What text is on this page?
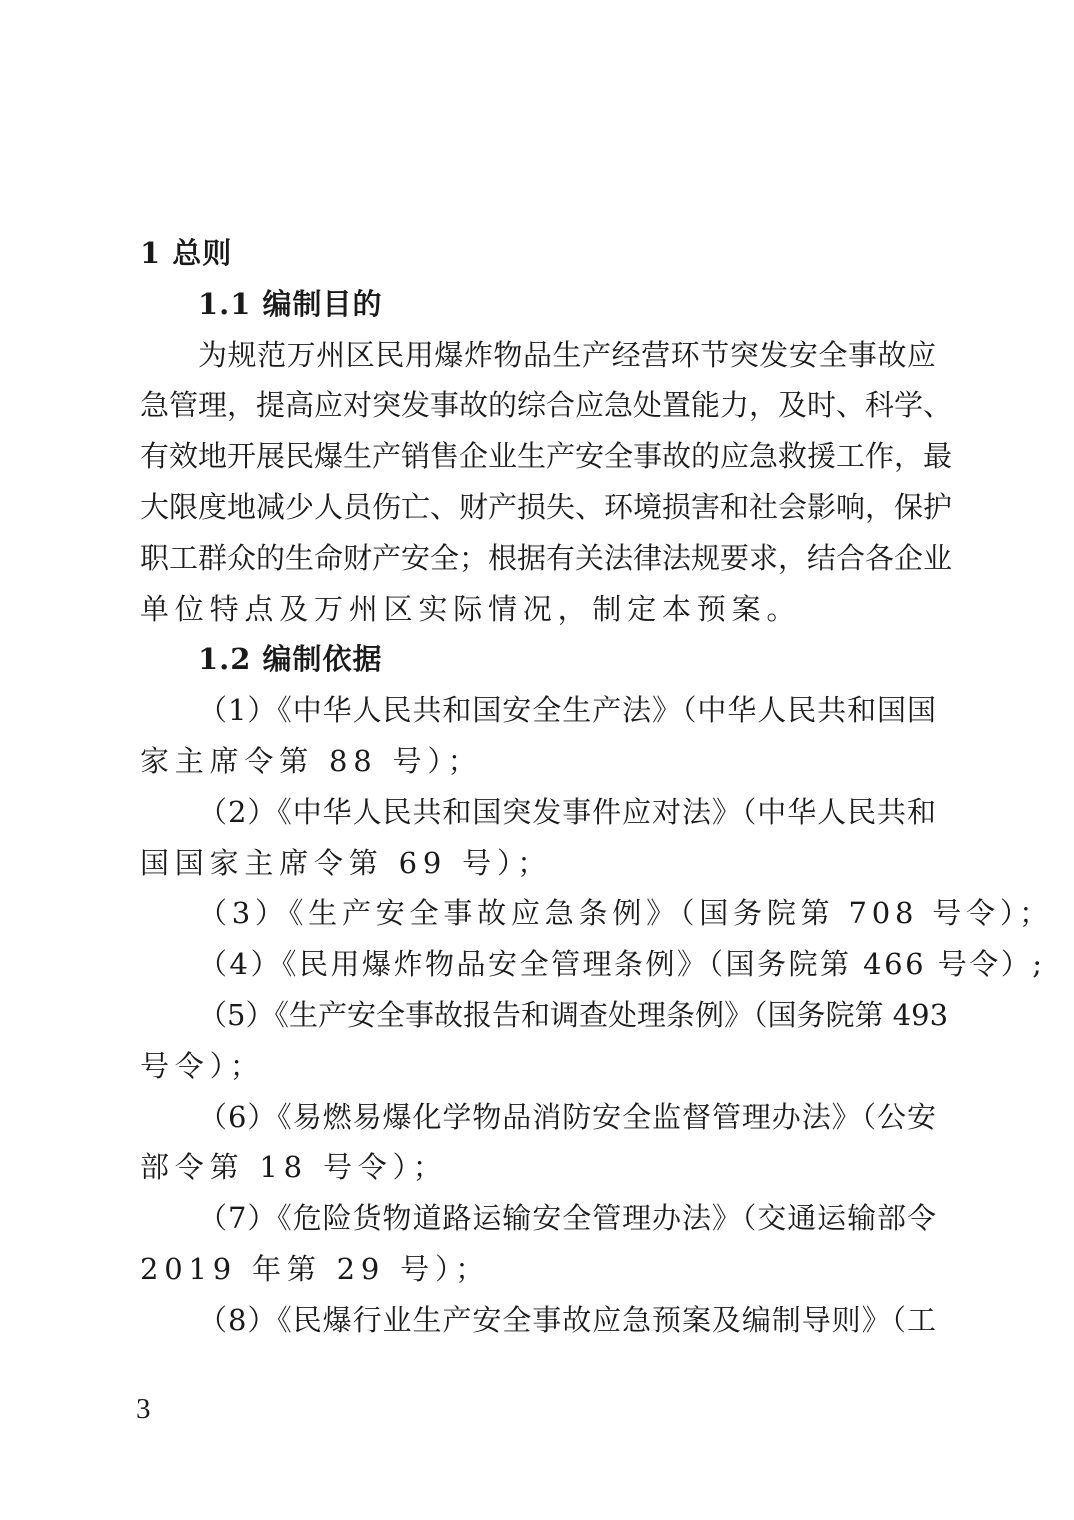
1 总则
1.1 编制目的
为规范万州区民用爆炸物品生产经营环节突发安全事故应
急管理，提高应对突发事故的综合应急处置能力，及时、科学、
有效地开展民爆生产销售企业生产安全事故的应急救援工作，最
大限度地减少人员伤亡、财产损失、环境损害和社会影响，保护
职工群众的生命财产安全；根据有关法律法规要求，结合各企业
单位特点及万州区实际情况，制定本预案。
1.2 编制依据
（1）《中华人民共和国安全生产法》（中华人民共和国国
家主席令第 88 号）；
（2）《中华人民共和国突发事件应对法》（中华人民共和
国国家主席令第 69 号）；
（3）《生产安全事故应急条例》（国务院第 708 号令）；
（4）《民用爆炸物品安全管理条例》（国务院第 466 号令）;
（5）《生产安全事故报告和调查处理条例》（国务院第 493
号令）；
（6）《易燃易爆化学物品消防安全监督管理办法》（公安
部令第 18 号令）；
（7）《危险货物道路运输安全管理办法》（交通运输部令
2019 年第 29 号）；
（8）《民爆行业生产安全事故应急预案及编制导则》（工
3
